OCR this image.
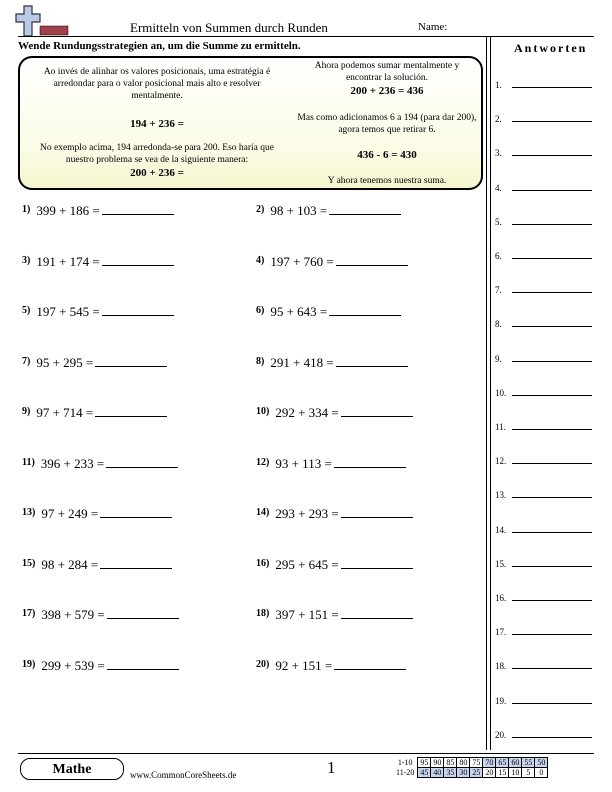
Ermitteln von Summen durch Runden	Name:
Wende Rundungsstrategien an, um die Summe zu ermitteln.	Antworten
Ao invés de alinhar os valores posicionais, uma estratégia é arredondar para o valor posicional mais alto e resolver mentalmente.
194 + 236 =
No exemplo acima, 194 arredonda-se para 200. Eso haría que nuestro problema se vea de la siguiente manera:
200 + 236 =
Ahora podemos sumar mentalmente y encontrar la solución.
200 + 236 = 436
Mas como adicionamos 6 a 194 (para dar 200), agora temos que retirar 6.
436 - 6 = 430
Y ahora tenemos nuestra suma.
$^{1)}$ 399 + 186 =	$^{2)}$ 98 + 103 =
$^{3)}$ 191 + 174 =	$^{4)}$ 197 + 760 =
$^{5)}$ 197 + 545 =	$^{6)}$ 95 + 643 =
$^{7)}$ 95 + 295 =	$^{8)}$ 291 + 418 =
$^{9)}$ 97 + 714 =	$^{10)}$ 292 + 334 =
$^{11)}$ 396 + 233 =	$^{12)}$ 93 + 113 =
$^{13)}$ 97 + 249 =	$^{14)}$ 293 + 293 =
$^{15)}$ 98 + 284 =	$^{16)}$ 295 + 645 =
$^{17)}$ 398 + 579 =	$^{18)}$ 397 + 151 =
$^{19)}$ 299 + 539 =	$^{20)}$ 92 + 151 =
1.
2.
3.
4.
5.
6.
7.
8.
9.
10.
11.
12.
13.
14.
15.
16.
17.
18.
19.
20.
Mathe	www.CommonCoreSheets.de	1	1-10	95	90	85	80	75	70	65	60	55	50
11-20	45	40	35	30	25	20	15	10	5	0
